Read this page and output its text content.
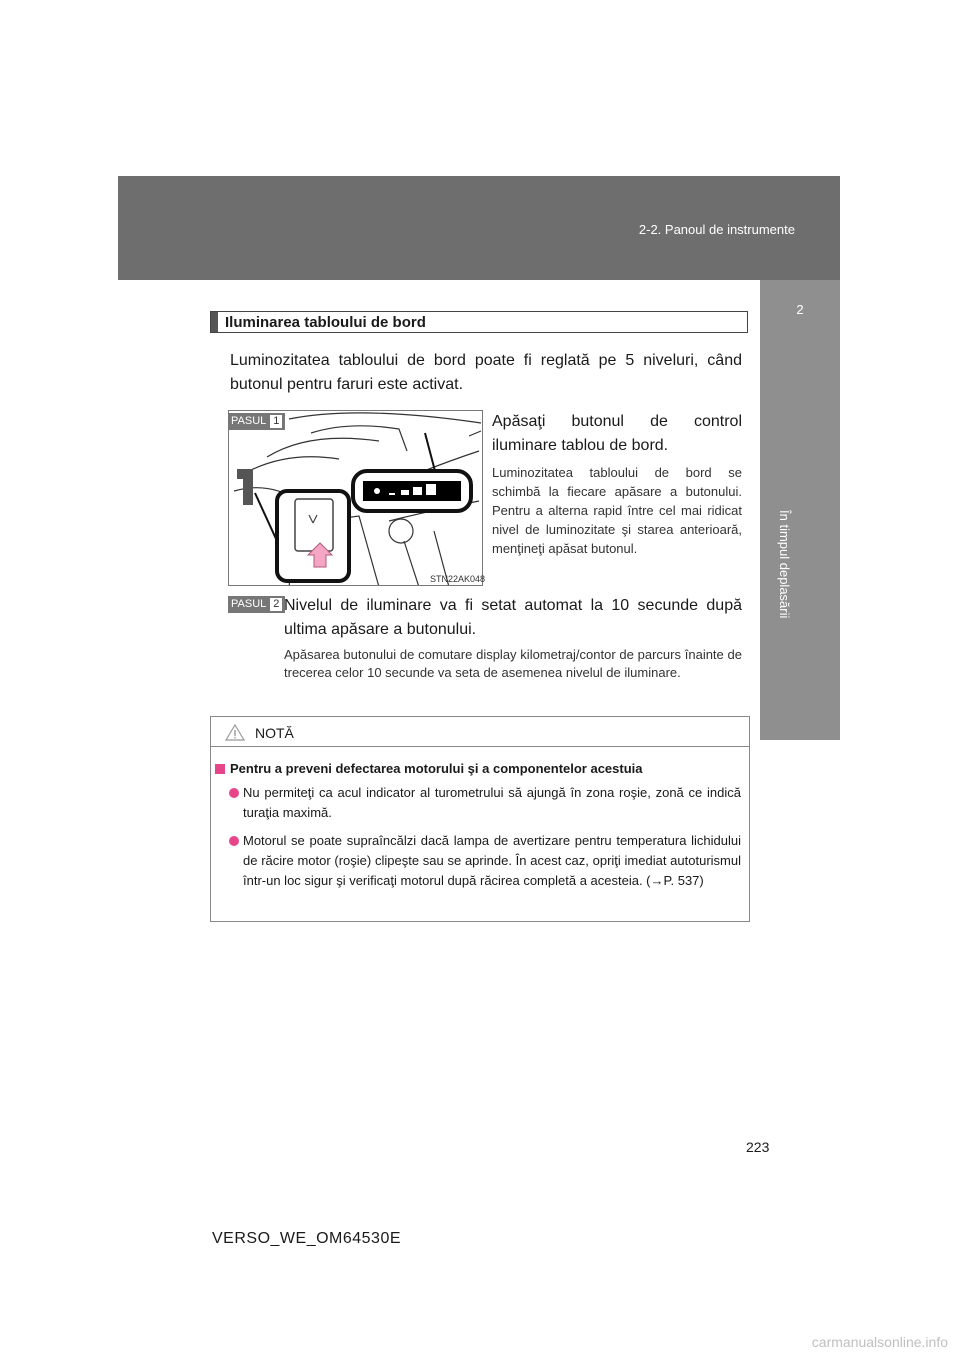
2-2. Panoul de instrumente
2
În timpul deplasării
Iluminarea tabloului de bord
Luminozitatea tabloului de bord poate fi reglată pe 5 niveluri, când butonul pentru faruri este activat.
STN22AK048
PASUL 1	Apăsaţi butonul de control iluminare tablou de bord.
Luminozitatea tabloului de bord se schimbă la fiecare apăsare a butonului. Pentru a alterna rapid între cel mai ridicat nivel de luminozitate şi starea anterioară, menţineţi apăsat butonul.
PASUL 2 Nivelul de iluminare va fi setat automat la 10 secunde după ultima apăsare a butonului.
Apăsarea butonului de comutare display kilometraj/contor de parcurs înainte de trecerea celor 10 secunde va seta de asemenea nivelul de iluminare.
NOTĂ
Pentru a preveni defectarea motorului şi a componentelor acestuia
Nu permiteţi ca acul indicator al turometrului să ajungă în zona roşie, zonă ce indică turaţia maximă.
Motorul se poate supraîncălzi dacă lampa de avertizare pentru temperatura lichidului de răcire motor (roşie) clipeşte sau se aprinde. În acest caz, opriţi imediat autoturismul într-un loc sigur şi verificaţi motorul după răcirea completă a acesteia. (→P. 537)
223
VERSO_WE_OM64530E
carmanualsonline.info
